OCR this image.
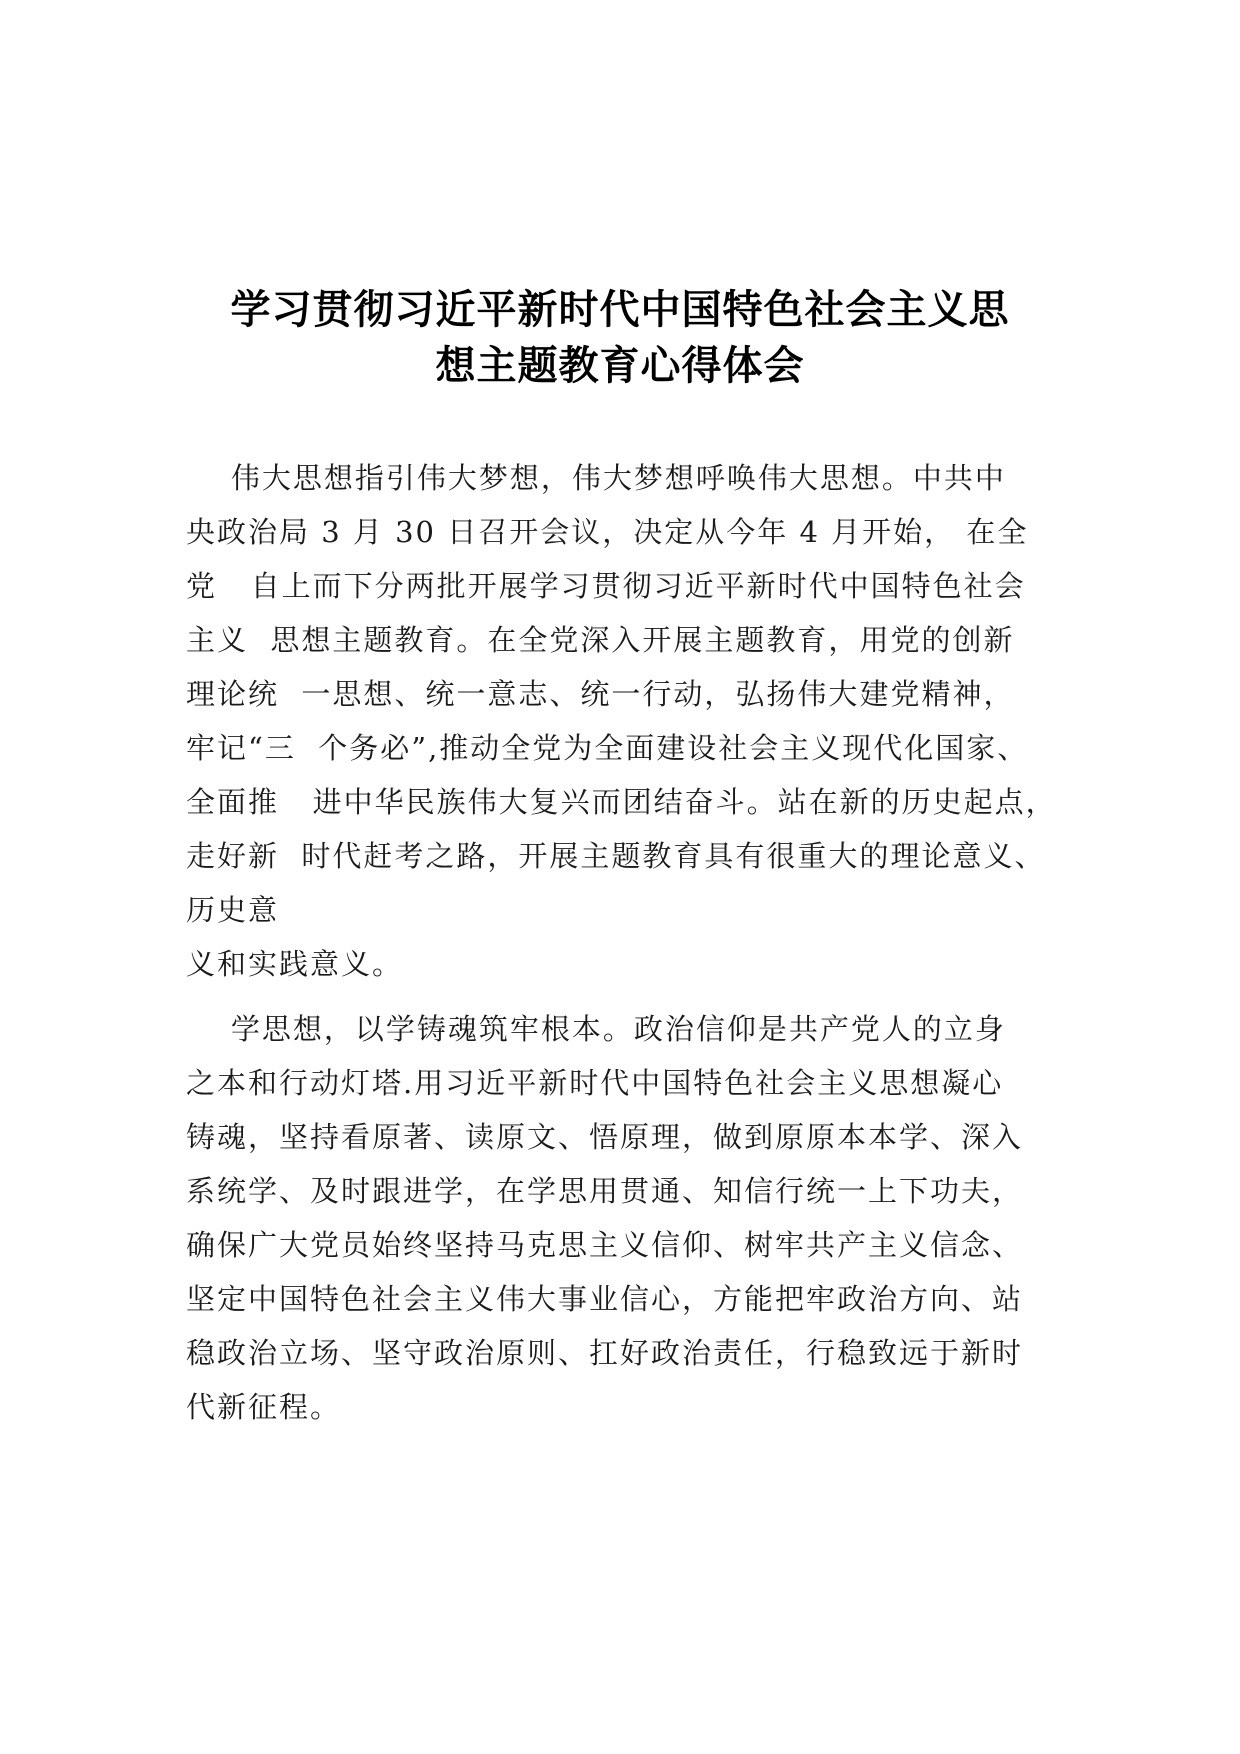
学习贯彻习近平新时代中国特色社会主义思
想主题教育心得体会
伟大思想指引伟大梦想，伟大梦想呼唤伟大思想。中共中
央政治局 3 月 30 日召开会议，决定从今年 4 月开始， 在全
党   自上而下分两批开展学习贯彻习近平新时代中国特色社会
主义  思想主题教育。在全党深入开展主题教育，用党的创新
理论统  一思想、统一意志、统一行动，弘扬伟大建党精神，
牢记“三  个务必”,推动全党为全面建设社会主义现代化国家、
全面推   进中华民族伟大复兴而团结奋斗。站在新的历史起点，
走好新  时代赶考之路，开展主题教育具有很重大的理论意义、
历史意
义和实践意义。
学思想，以学铸魂筑牢根本。政治信仰是共产党人的立身
之本和行动灯塔.用习近平新时代中国特色社会主义思想凝心
铸魂，坚持看原著、读原文、悟原理，做到原原本本学、深入
系统学、及时跟进学，在学思用贯通、知信行统一上下功夫，
确保广大党员始终坚持马克思主义信仰、树牢共产主义信念、
坚定中国特色社会主义伟大事业信心，方能把牢政治方向、站
稳政治立场、坚守政治原则、扛好政治责任，行稳致远于新时
代新征程。
